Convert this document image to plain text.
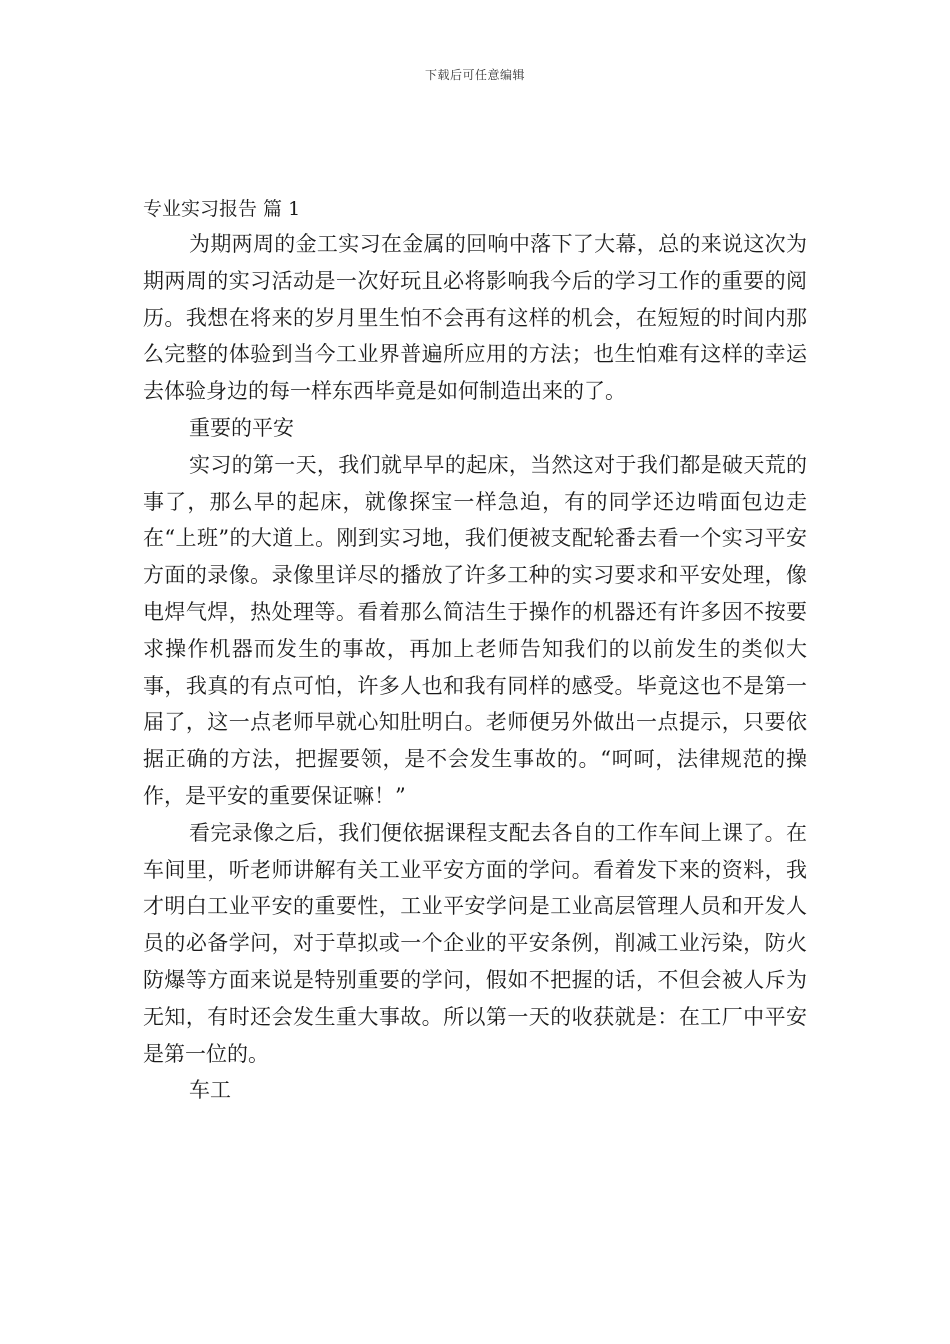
下载后可任意编辑
专业实习报告 篇 1

为期两周的金工实习在金属的回响中落下了大幕，总的来说这次为期两周的实习活动是一次好玩且必将影响我今后的学习工作的重要的阅历。我想在将来的岁月里生怕不会再有这样的机会，在短短的时间内那么完整的体验到当今工业界普遍所应用的方法；也生怕难有这样的幸运去体验身边的每一样东西毕竟是如何制造出来的了。

重要的平安

实习的第一天，我们就早早的起床，当然这对于我们都是破天荒的事了，那么早的起床，就像探宝一样急迫，有的同学还边啃面包边走在“上班”的大道上。刚到实习地，我们便被支配轮番去看一个实习平安方面的录像。录像里详尽的播放了许多工种的实习要求和平安处理，像电焊气焊，热处理等。看着那么简洁生于操作的机器还有许多因不按要求操作机器而发生的事故，再加上老师告知我们的以前发生的类似大事，我真的有点可怕，许多人也和我有同样的感受。毕竟这也不是第一届了，这一点老师早就心知肚明白。老师便另外做出一点提示，只要依据正确的方法，把握要领，是不会发生事故的。“呵呵，法律规范的操作，是平安的重要保证嘛！”

看完录像之后，我们便依据课程支配去各自的工作车间上课了。在车间里，听老师讲解有关工业平安方面的学问。看着发下来的资料，我才明白工业平安的重要性，工业平安学问是工业高层管理人员和开发人员的必备学问，对于草拟或一个企业的平安条例，削减工业污染，防火防爆等方面来说是特别重要的学问，假如不把握的话，不但会被人斥为无知，有时还会发生重大事故。所以第一天的收获就是：在工厂中平安是第一位的。

车工
